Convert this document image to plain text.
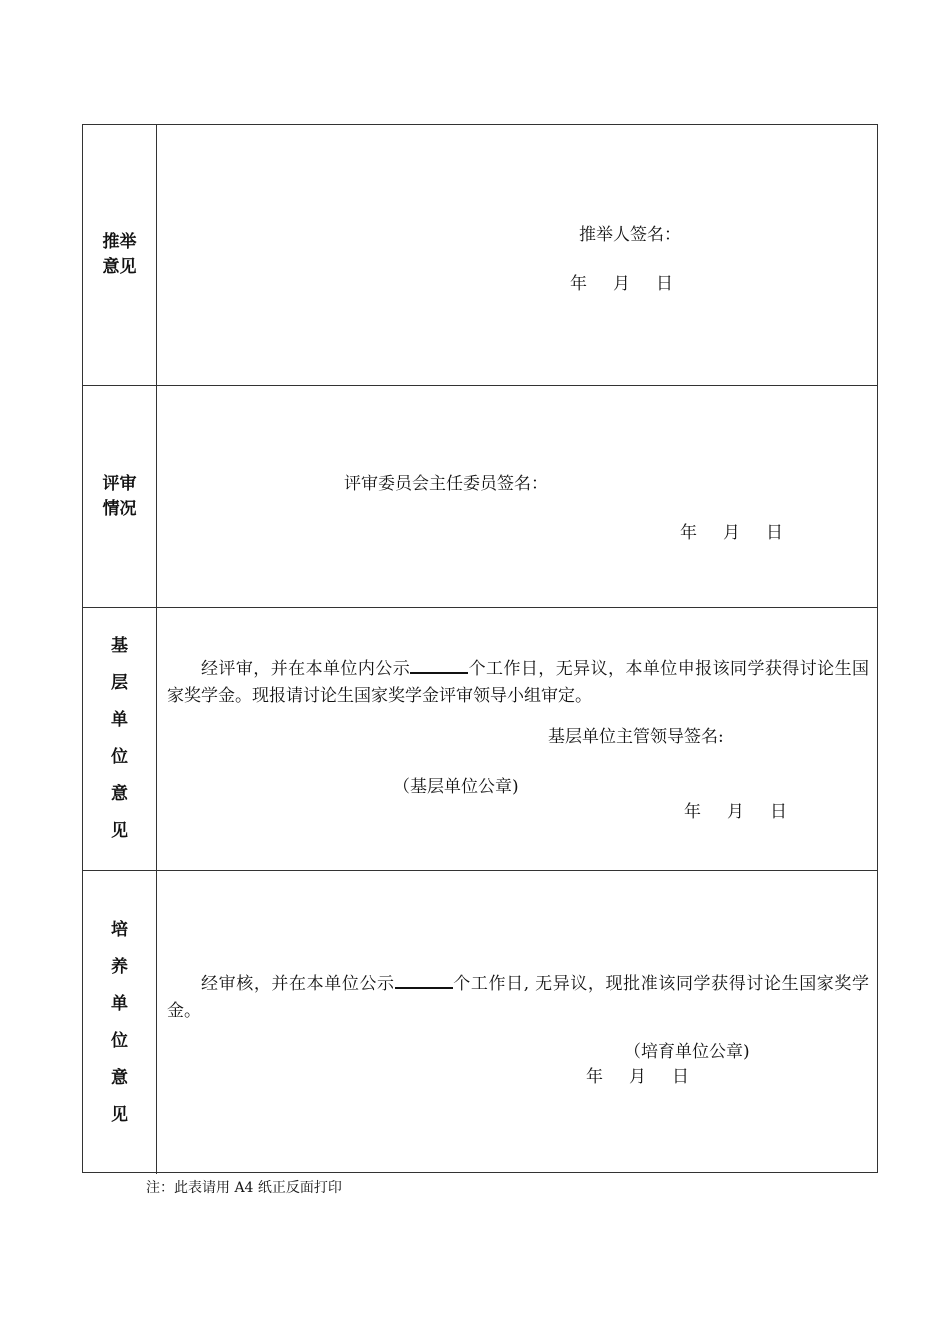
推举
意见
推举人签名：
年 月 日
评审
情况
评审委员会主任委员签名：
年 月 日
基
层
单
位
意
见
经评审，并在本单位内公示	个工作日，无异议，本单位申报该同学获得讨论生国家奖学金。现报请讨论生国家奖学金评审领导小组审定。
基层单位主管领导签名:
（基层单位公章)
年 月 日
培
养
单
位
意
见
经审核，并在本单位公示	个工作日, 无异议，现批准该同学获得讨论生国家奖学金。
（培育单位公章)
年 月 日
注：此表请用 A4 纸正反面打印
